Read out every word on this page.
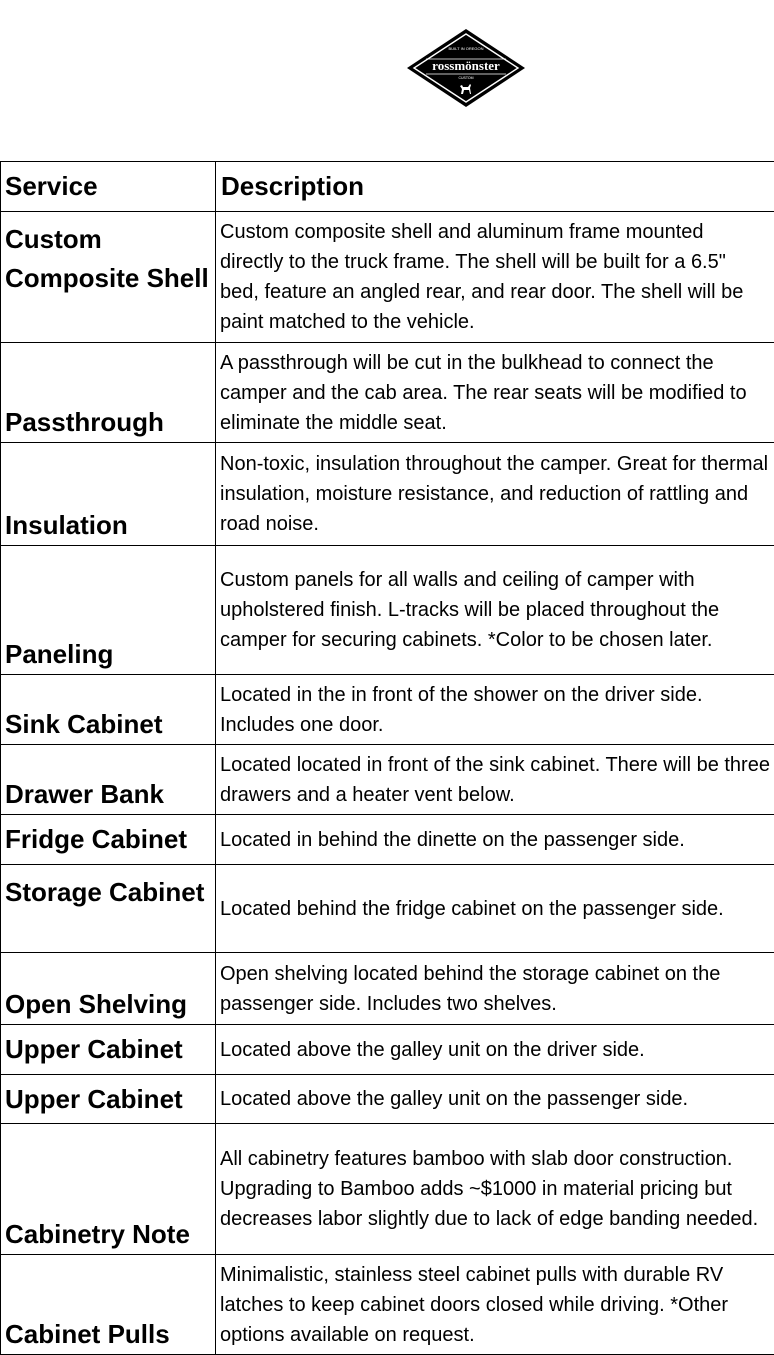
BUILT IN OREGON
rossmönster
CUSTOM
Service	Description
Custom Composite Shell	Custom composite shell and aluminum frame mounted directly to the truck frame. The shell will be built for a 6.5" bed, feature an angled rear, and rear door. The shell will be paint matched to the vehicle.
Passthrough	A passthrough will be cut in the bulkhead to connect the camper and the cab area. The rear seats will be modified to eliminate the middle seat.
Insulation	Non-toxic, insulation throughout the camper. Great for thermal insulation, moisture resistance, and reduction of rattling and road noise.
Paneling	Custom panels for all walls and ceiling of camper with upholstered finish. L-tracks will be placed throughout the camper for securing cabinets. *Color to be chosen later.
Sink Cabinet	Located in the in front of the shower on the driver side. Includes one door.
Drawer Bank	Located located in front of the sink cabinet. There will be three drawers and a heater vent below.
Fridge Cabinet	Located in behind the dinette on the passenger side.
Storage Cabinet	Located behind the fridge cabinet on the passenger side.
Open Shelving	Open shelving located behind the storage cabinet on the passenger side. Includes two shelves.
Upper Cabinet	Located above the galley unit on the driver side.
Upper Cabinet	Located above the galley unit on the passenger side.
Cabinetry Note	All cabinetry features bamboo with slab door construction. Upgrading to Bamboo adds ~$1000 in material pricing but decreases labor slightly due to lack of edge banding needed.
Cabinet Pulls	Minimalistic, stainless steel cabinet pulls with durable RV latches to keep cabinet doors closed while driving. *Other options available on request.
